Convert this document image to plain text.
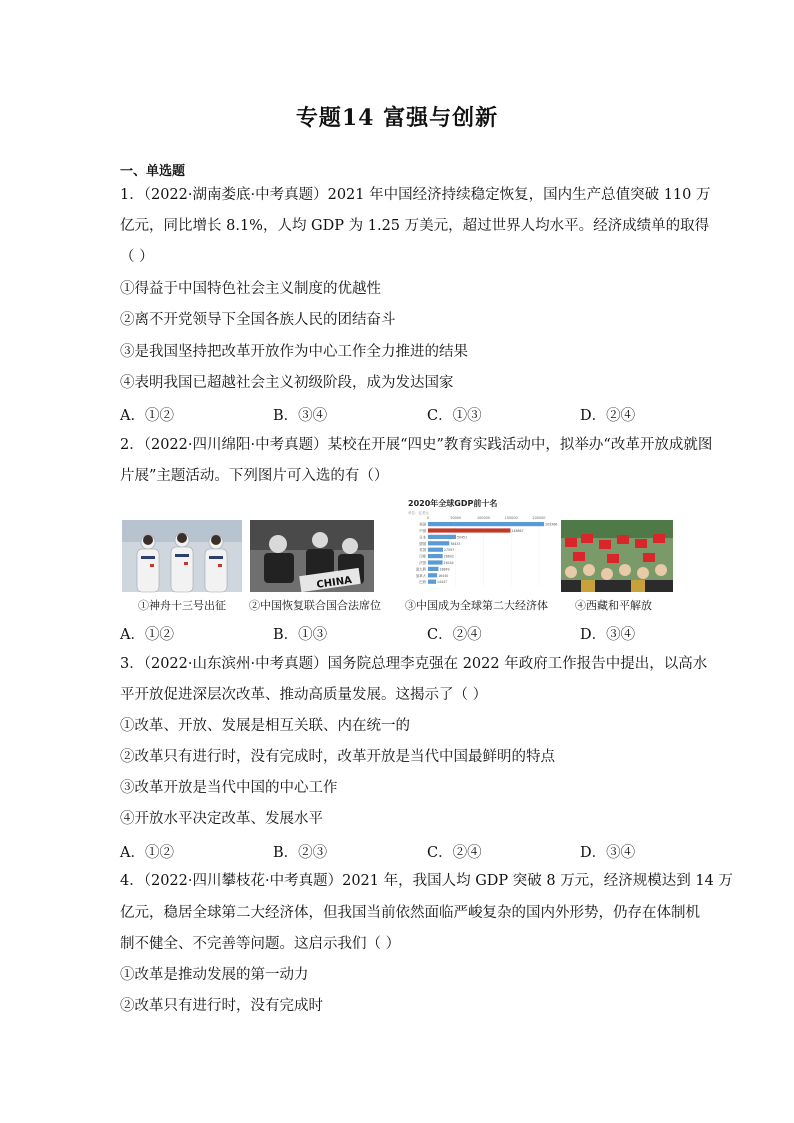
专题14 富强与创新
一、单选题
1．（2022·湖南娄底·中考真题）2021 年中国经济持续稳定恢复，国内生产总值突破 110 万
亿元，同比增长 8.1%，人均 GDP 为 1.25 万美元，超过世界人均水平。经济成绩单的取得
（ ）
①得益于中国特色社会主义制度的优越性
②离不开党领导下全国各族人民的团结奋斗
③是我国坚持把改革开放作为中心工作全力推进的结果
④表明我国已超越社会主义初级阶段，成为发达国家
A．①②	B．③④	C．①③	D．②④
2．（2022·四川绵阳·中考真题）某校在开展“四史”教育实践活动中，拟举办“改革开放成就图
片展”主题活动。下列图片可入选的有（）
CHINA
2020年全球GDP前十名
单位：亿美元
0	50000	100000	150000	200000
美国	209366
中国	148667
日本	50451
德国	38433
英国	27097
印度	26602
法国	26244
意大利	18849
加拿大	16440
巴西	14447
①神舟十三号出征 ②中国恢复联合国合法席位 ③中国成为全球第二大经济体 ④西藏和平解放
A．①②	B．①③	C．②④	D．③④
3．（2022·山东滨州·中考真题）国务院总理李克强在 2022 年政府工作报告中提出，以高水
平开放促进深层次改革、推动高质量发展。这揭示了（ ）
①改革、开放、发展是相互关联、内在统一的
②改革只有进行时，没有完成时，改革开放是当代中国最鲜明的特点
③改革开放是当代中国的中心工作
④开放水平决定改革、发展水平
A．①②	B．②③	C．②④	D．③④
4．（2022·四川攀枝花·中考真题）2021 年，我国人均 GDP 突破 8 万元，经济规模达到 14 万
亿元，稳居全球第二大经济体，但我国当前依然面临严峻复杂的国内外形势，仍存在体制机
制不健全、不完善等问题。这启示我们（ ）
①改革是推动发展的第一动力
②改革只有进行时，没有完成时
